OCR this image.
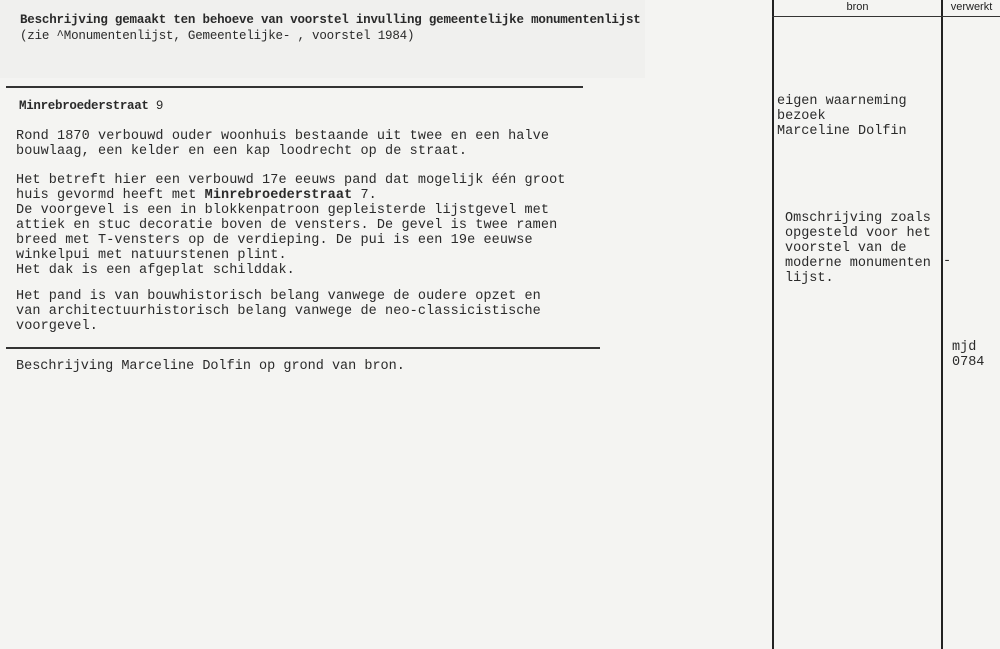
Beschrijving gemaakt ten behoeve van voorstel invulling gemeentelijke monumentenlijst
(zie ^Monumentenlijst, Gemeentelijke- , voorstel 1984)
bron	verwerkt
Minrebroederstraat 9
Rond 1870 verbouwd ouder woonhuis bestaande uit twee en een halve
bouwlaag, een kelder en een kap loodrecht op de straat.
Het betreft hier een verbouwd 17e eeuws pand dat mogelijk één groot
huis gevormd heeft met Minrebroederstraat 7.
De voorgevel is een in blokkenpatroon gepleisterde lijstgevel met
attiek en stuc decoratie boven de vensters. De gevel is twee ramen
breed met T-vensters op de verdieping. De pui is een 19e eeuwse
winkelpui met natuurstenen plint.
Het dak is een afgeplat schilddak.
Het pand is van bouwhistorisch belang vanwege de oudere opzet en
van architectuurhistorisch belang vanwege de neo-classicistische
voorgevel.
Beschrijving Marceline Dolfin op grond van bron.
eigen waarneming
bezoek
Marceline Dolfin
Omschrijving zoals
opgesteld voor het
voorstel van de
moderne monumenten
lijst.
-
mjd
0784
